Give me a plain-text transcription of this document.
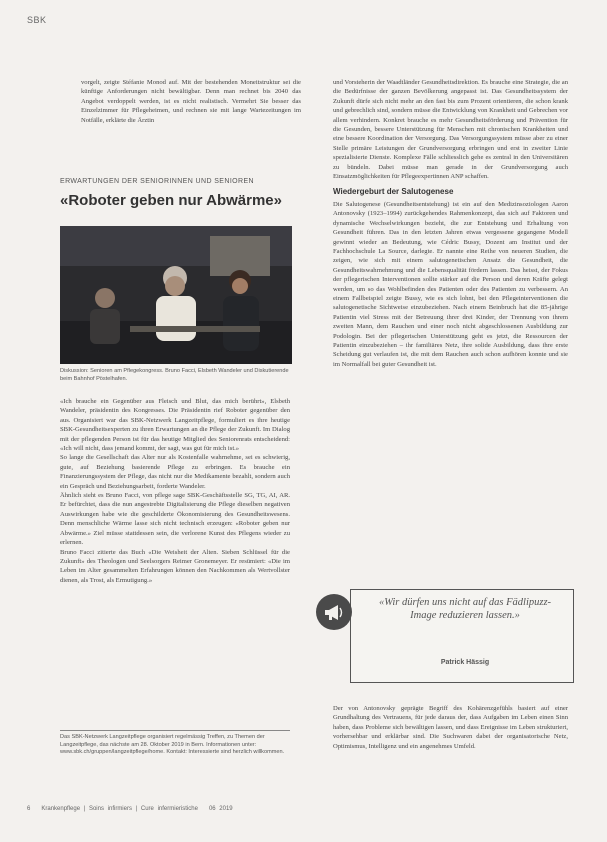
SBK

vorgelt, zeigte Stéfanie Monod auf. Mit der bestehenden Moneitstruktur sei die künftige Anforderungen nicht bewältigbar. Denn man rechnet bis 2040 das Angebot verdoppelt werden, ist es nicht realistisch. Vermehrt Sie besser das Einzelzimmer für Pflegeheimen, und rechnen sie mit lange Wartezeitungen im Notfälle, erklärte die Ärztin

ERWARTUNGEN DER SENIORINNEN UND SENIOREN
«Roboter geben nur Abwärme»
Diskussion: Senioren am Pflegekongress. Bruno Facci, Elsbeth Wandeler und Diskutierende beim Bahnhof Pöstelhafen.

«Ich brauche ein Gegenüber aus Fleisch und Blut, das mich berührt», Elsbeth Wandeler, präsidentin des Kongresses. Die Präsidentin rief Roboter gegenüber den aus. Organisiert war das SBK-Netzwerk Langzeitpflege, formuliert es ihre heutige SBK-Gesundheitsexperten zu ihren Erwartungen an die Pflege der Zukunft. Im Dialog mit der pflegenden Person ist für das heutige Mitglied des Seniorenrats entscheidend: «Ich will nicht, dass jemand kommt, der sagt, was gut für mich ist.»

So lange die Gesellschaft das Alter nur als Kostenfalle wahrnehme, sei es schwierig, gute, auf Beziehung basierende Pflege zu erbringen. Es brauche ein Finanzierungssystem der Pflege, das nicht nur die Medikamente bezahlt, sondern auch ein Gespräch und Beziehungsarbeit, forderte Wandeler.

Ähnlich sieht es Bruno Facci, von pflege sage SBK-Geschäftsstelle SG, TG, AI, AR. Er befürchtet, dass die nun angestrebte Digitalisierung die Pflege dieselben negativen Auswirkungen habe wie die geschilderte Ökonomisierung des Gesundheitswesens. Denn menschliche Wärme lasse sich nicht technisch erzeugen: «Roboter geben nur Abwärme.» Ziel müsse stattdessen sein, die verlorene Kunst des Pflegens wieder zu erlernen.

Bruno Facci zitierte das Buch «Die Weisheit der Alten. Sieben Schlüssel für die Zukunft» des Theologen und Seelsorgers Reimer Gronemeyer. Er resümiert: «Die im Leben im Alter gesammelten Erfahrungen können den Nachkommen als Wertvollster dienen, als Trost, als Ermutigung.»

Das SBK-Netzwerk Langzeitpflege organisiert regelmässig Treffen, zu Themen der Langzeitpflege, das nächste am 28. Oktober 2019 in Bern. Informationen unter: www.sbk.ch/gruppen/langzeitpflege/home. Kontakt: Interessierte sind herzlich willkommen.

und Vorsteherin der Waadtländer Gesundheitsdirektion. Es brauche eine Strategie, die an die Bedürfnisse der ganzen Bevölkerung angepasst ist. Das Gesundheitssystem der Zukunft dürfe sich nicht mehr an den fast bis zum Prozent orientieren, die schon krank und gebrechlich sind, sondern müsse die Entwicklung von Krankheit und Gebrechen vor allem verhindern. Konkret brauche es mehr Gesundheitsförderung und Prävention für die Gesunden, bessere Unterstützung für Menschen mit chronischen Krankheiten und eine bessere Koordination der Versorgung. Das Versorgungssystem müsse aber zu einer Stelle primäre Leistungen der Grundversorgung erbringen und erst in zweiter Linie spezialisierte Dienste. Komplexe Fälle schliesslich gehe es zentral in den Universitären zu bündeln. Dabei müsse man gerade in der Grundversorgung auch Einsatzmöglichkeiten für Pflegeexpertinnen ANP schaffen.

Wiedergeburt der Salutogenese

Die Salutogenese (Gesundheitsentstehung) ist ein auf den Medizinsoziologen Aaron Antonovsky (1923–1994) zurückgehendes Rahmenkonzept, das sich auf Faktoren und dynamische Wechselwirkungen bezieht, die zur Entstehung und Erhaltung von Gesundheit führen. Das in den letzten Jahren etwas vergessene gegangene Modell gewinnt wieder an Bedeutung, wie Cédric Bussy, Dozent am Institut und der Fachhochschule La Source, darlegte. Er nannte eine Reihe von neueren Studien, die zeigen, wie sich mit einem salutogenetischen Ansatz die Gesundheit, die Gesundheitswahrnehmung und die Lebensqualität fördern lassen. Das heisst, der Fokus der pflegerischen Interventionen sollte stärker auf die Person und deren Kräfte gelegt werden, um so das Wohlbefinden des Patienten oder des Patienten zu verbessern. An einem Fallbeispiel zeigte Bussy, wie es sich lohnt, bei den Pflegeinterventionen die salutogenetische Sichtweise einzubeziehen. Nach einem Beinbruch hat die 85-jährige Patientin viel Stress mit der Betreuung ihrer drei Kinder, der Trennung von ihrem zweiten Mann, dem Rauchen und einer noch nicht abgeschlossenen Ausbildung zur Podologin. Bei der pflegerischen Unterstützung geht es jetzt, die Ressourcen der Patientin einzubeziehen – ihr familiäres Netz, ihre solide Ausbildung, dass ihre erste Scheidung gut verlaufen ist, die mit dem Rauchen auch schon aufhören konnte und sie im Normalfall bei guter Gesundheit ist.

«Wir dürfen uns nicht auf das Fädlipuzz-Image reduzieren lassen.»
Patrick Hässig

Der von Antonovsky geprägte Begriff des Kohärenzgefühls basiert auf einer Grundhaltung des Vertrauens, für jede daraus der, dass Aufgaben im Leben einen Sinn haben, dass Probleme sich bewältigen lassen, und dass Ereignisse im Leben strukturiert, vorhersehbar und erklärbar sind. Die Suchwaren dabei der organisatorische Netz, Optimismus, Intelligenz und ein angenehmes Umfeld.

6 Krankenpflege | Soins infirmiers | Cure infermieristiche 06 2019
